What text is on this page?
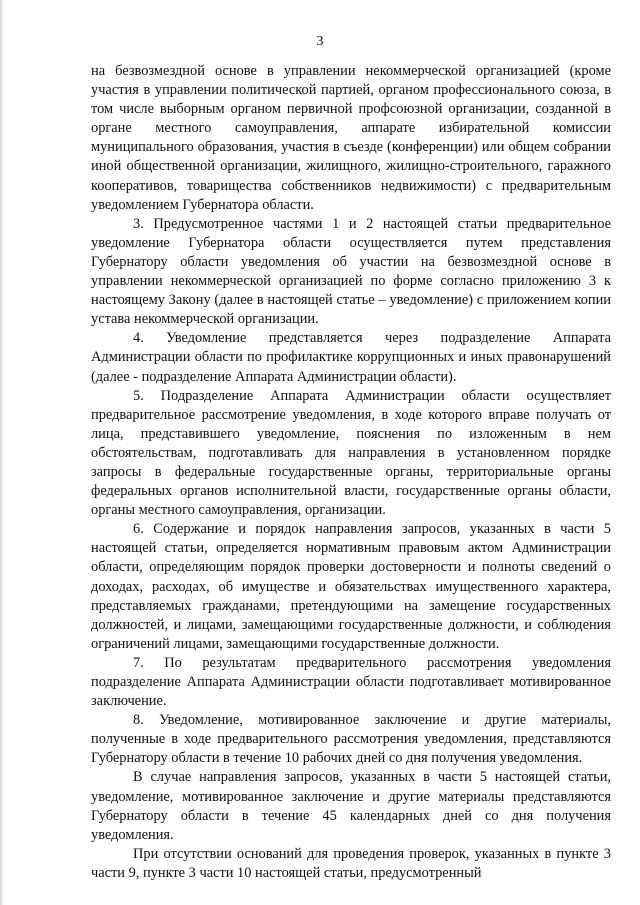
3

на безвозмездной основе в управлении некоммерческой организацией (кроме участия в управлении политической партией, органом профессионального союза, в том числе выборным органом первичной профсоюзной организации, созданной в органе местного самоуправления, аппарате избирательной комиссии муниципального образования, участия в съезде (конференции) или общем собрании иной общественной организации, жилищного, жилищно-строительного, гаражного кооперативов, товарищества собственников недвижимости) с предварительным уведомлением Губернатора области.

3. Предусмотренное частями 1 и 2 настоящей статьи предварительное уведомление Губернатора области осуществляется путем представления Губернатору области уведомления об участии на безвозмездной основе в управлении некоммерческой организацией по форме согласно приложению 3 к настоящему Закону (далее в настоящей статье – уведомление) с приложением копии устава некоммерческой организации.

4. Уведомление представляется через подразделение Аппарата Администрации области по профилактике коррупционных и иных правонарушений (далее - подразделение Аппарата Администрации области).

5. Подразделение Аппарата Администрации области осуществляет предварительное рассмотрение уведомления, в ходе которого вправе получать от лица, представившего уведомление, пояснения по изложенным в нем обстоятельствам, подготавливать для направления в установленном порядке запросы в федеральные государственные органы, территориальные органы федеральных органов исполнительной власти, государственные органы области, органы местного самоуправления, организации.

6. Содержание и порядок направления запросов, указанных в части 5 настоящей статьи, определяется нормативным правовым актом Администрации области, определяющим порядок проверки достоверности и полноты сведений о доходах, расходах, об имуществе и обязательствах имущественного характера, представляемых гражданами, претендующими на замещение государственных должностей, и лицами, замещающими государственные должности, и соблюдения ограничений лицами, замещающими государственные должности.

7. По результатам предварительного рассмотрения уведомления подразделение Аппарата Администрации области подготавливает мотивированное заключение.

8. Уведомление, мотивированное заключение и другие материалы, полученные в ходе предварительного рассмотрения уведомления, представляются Губернатору области в течение 10 рабочих дней со дня получения уведомления.

В случае направления запросов, указанных в части 5 настоящей статьи, уведомление, мотивированное заключение и другие материалы представляются Губернатору области в течение 45 календарных дней со дня получения уведомления.

При отсутствии оснований для проведения проверок, указанных в пункте 3 части 9, пункте 3 части 10 настоящей статьи, предусмотренный
